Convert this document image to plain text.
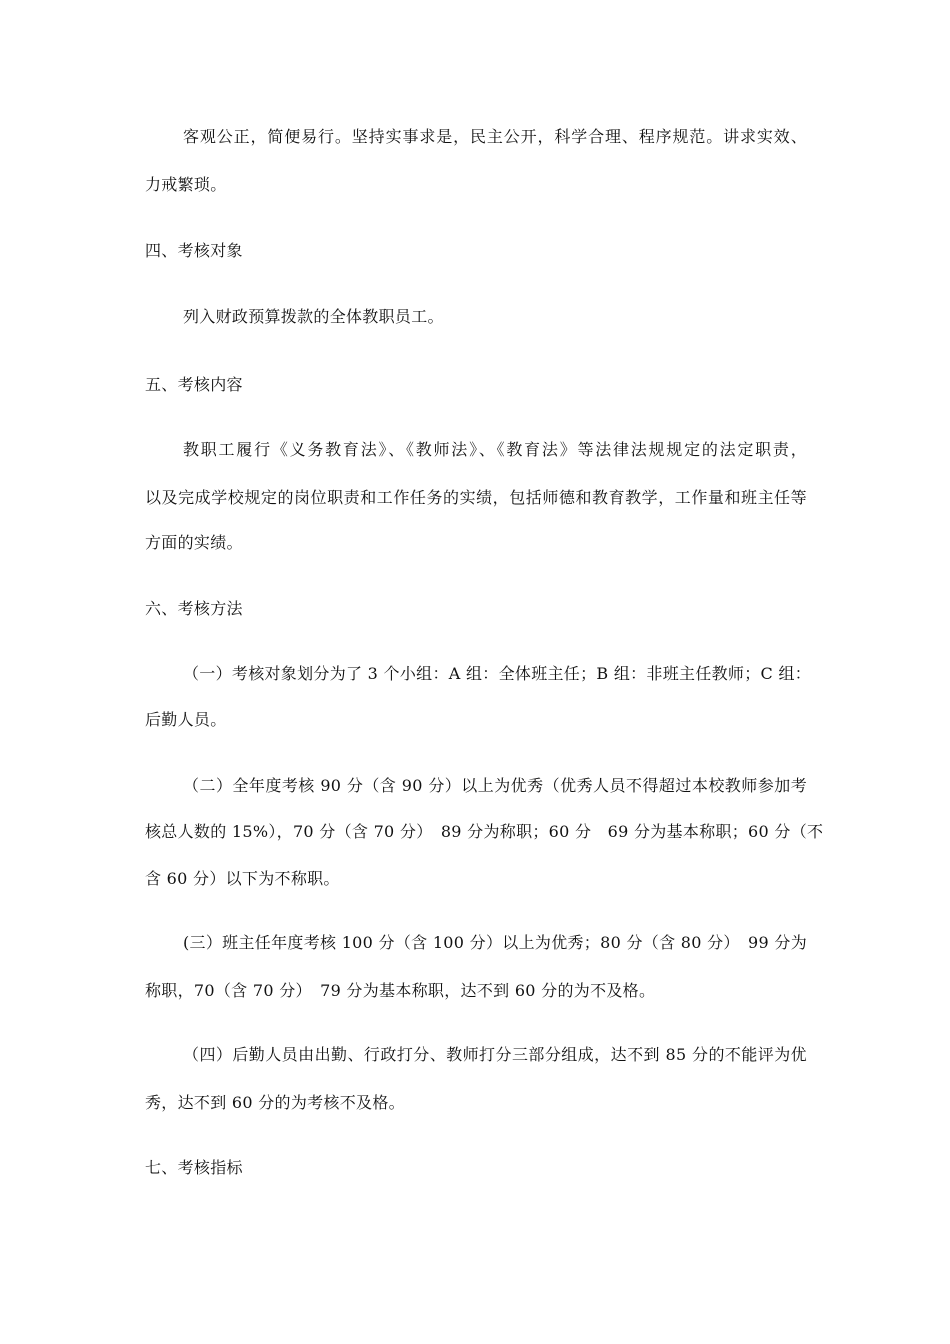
客观公正，简便易行。坚持实事求是，民主公开，科学合理、程序规范。讲求实效、
力戒繁琐。
四、考核对象
列入财政预算拨款的全体教职员工。
五、考核内容
教职工履行《义务教育法》、《教师法》、《教育法》等法律法规规定的法定职责，
以及完成学校规定的岗位职责和工作任务的实绩，包括师德和教育教学，工作量和班主任等
方面的实绩。
六、考核方法
（一）考核对象划分为了 3 个小组：A 组：全体班主任；B 组：非班主任教师；C 组：
后勤人员。
（二）全年度考核 90 分（含 90 分）以上为优秀（优秀人员不得超过本校教师参加考
核总人数的 15%），70 分（含 70 分）　89 分为称职；60 分　69 分为基本称职；60 分（不
含 60 分）以下为不称职。
(三）班主任年度考核 100 分（含 100 分）以上为优秀；80 分（含 80 分）　99 分为
称职，70（含 70 分）　79 分为基本称职，达不到 60 分的为不及格。
（四）后勤人员由出勤、行政打分、教师打分三部分组成，达不到 85 分的不能评为优
秀，达不到 60 分的为考核不及格。
七、考核指标
